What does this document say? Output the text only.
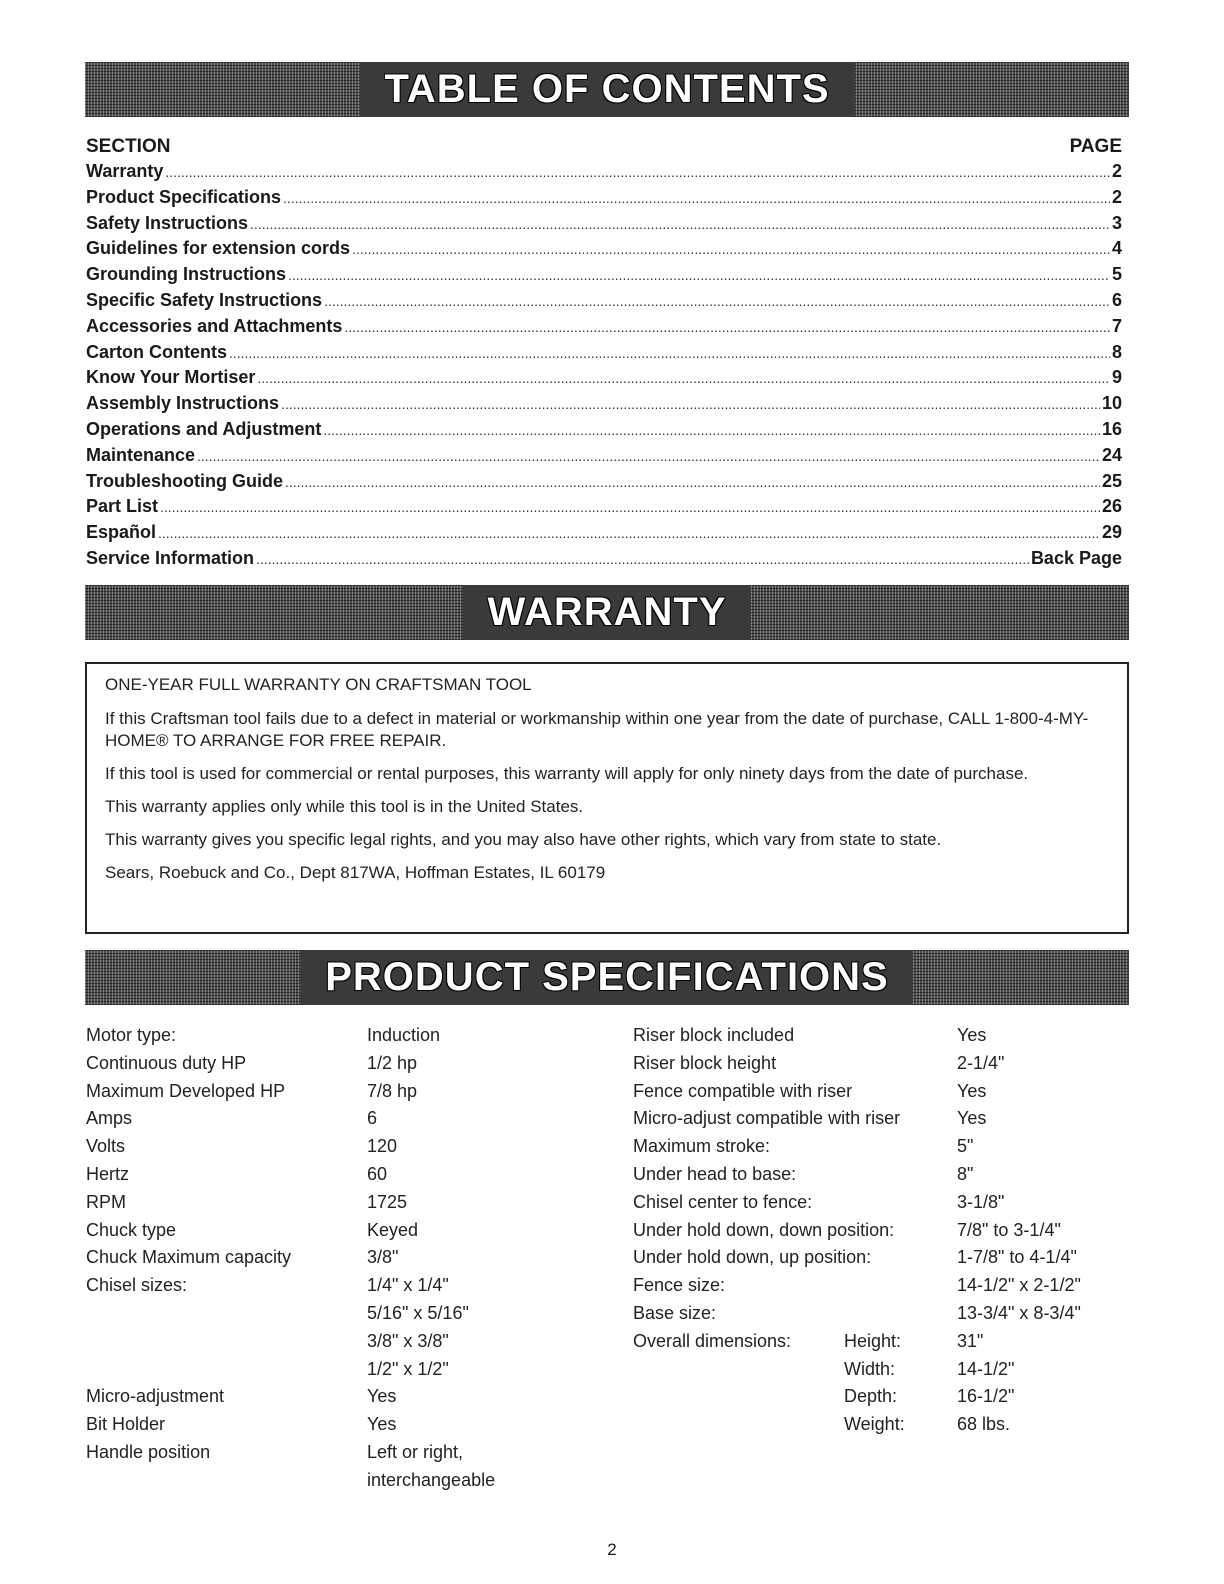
TABLE OF CONTENTS
SECTION	PAGE
Warranty .....	2
Product Specifications .....	2
Safety Instructions .....	3
Guidelines for extension cords .....	4
Grounding Instructions .....	5
Specific Safety Instructions .....	6
Accessories and Attachments .....	7
Carton Contents .....	8
Know Your Mortiser .....	9
Assembly Instructions .....	10
Operations and Adjustment .....	16
Maintenance .....	24
Troubleshooting Guide .....	25
Part List .....	26
Español .....	29
Service Information .....	Back Page
WARRANTY

ONE-YEAR FULL WARRANTY ON CRAFTSMAN TOOL

If this Craftsman tool fails due to a defect in material or workmanship within one year from the date of purchase, CALL 1-800-4-MY-HOME® TO ARRANGE FOR FREE REPAIR.

If this tool is used for commercial or rental purposes, this warranty will apply for only ninety days from the date of purchase.

This warranty applies only while this tool is in the United States.

This warranty gives you specific legal rights, and you may also have other rights, which vary from state to state.

Sears, Roebuck and Co., Dept 817WA, Hoffman Estates, IL 60179

PRODUCT SPECIFICATIONS
Motor type:	Induction
Continuous duty HP	1/2 hp
Maximum Developed HP	7/8 hp
Amps	6
Volts	120
Hertz	60
RPM	1725
Chuck type	Keyed
Chuck Maximum capacity	3/8"
Chisel sizes:	1/4" x 1/4"
5/16" x 5/16"
3/8" x 3/8"
1/2" x 1/2"
Micro-adjustment	Yes
Bit Holder	Yes
Handle position	Left or right,
interchangeable
Riser block included	Yes
Riser block height	2-1/4"
Fence compatible with riser	Yes
Micro-adjust compatible with riser	Yes
Maximum stroke:	5"
Under head to base:	8"
Chisel center to fence:	3-1/8"
Under hold down, down position:	7/8" to 3-1/4"
Under hold down, up position:	1-7/8" to 4-1/4"
Fence size:	14-1/2" x 2-1/2"
Base size:	13-3/4" x 8-3/4"
Overall dimensions:	Height:	31"
Width:	14-1/2"
Depth:	16-1/2"
Weight:	68 lbs.
2
